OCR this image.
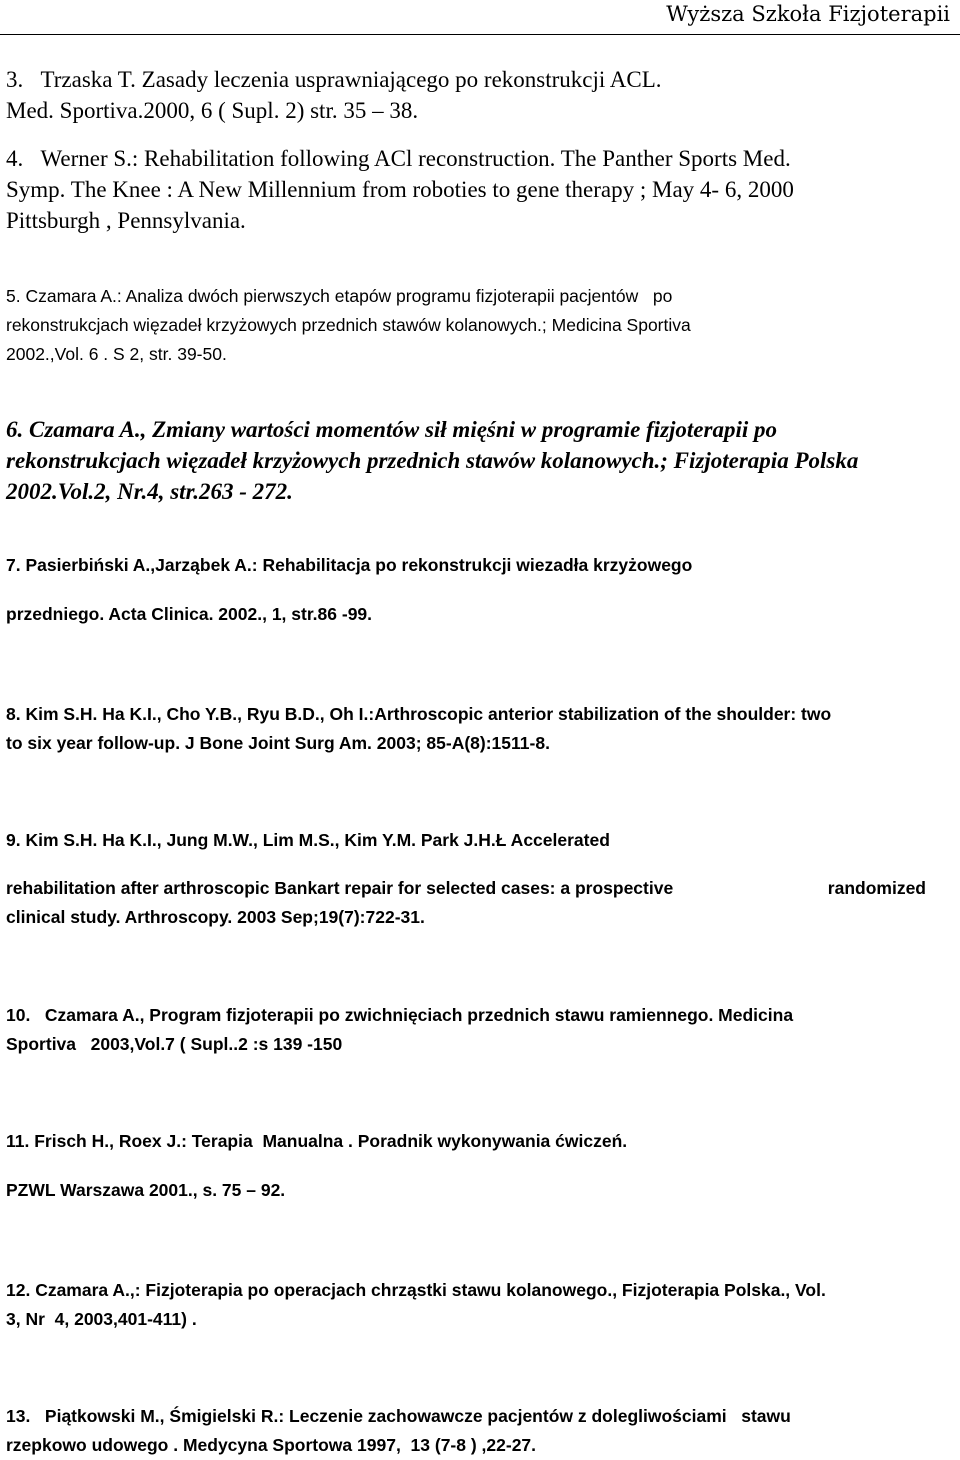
Wyższa Szkoła Fizjoterapii
3.   Trzaska T. Zasady leczenia usprawniającego po rekonstrukcji ACL.
Med. Sportiva.2000, 6 ( Supl. 2) str. 35 – 38.
4.   Werner S.: Rehabilitation following ACl reconstruction. The Panther Sports Med.
Symp. The Knee : A New Millennium from roboties to gene therapy ; May 4- 6, 2000
Pittsburgh , Pennsylvania.
5. Czamara A.: Analiza dwóch pierwszych etapów programu fizjoterapii pacjentów   po
rekonstrukcjach więzadeł krzyżowych przednich stawów kolanowych.; Medicina Sportiva
2002.,Vol. 6 . S 2, str. 39-50.
6. Czamara A., Zmiany wartości momentów sił mięśni w programie fizjoterapii po
rekonstrukcjach więzadeł krzyżowych przednich stawów kolanowych.; Fizjoterapia Polska
2002.Vol.2, Nr.4, str.263 - 272.
7. Pasierbiński A.,Jarząbek A.: Rehabilitacja po rekonstrukcji wiezadła krzyżowego
przedniego. Acta Clinica. 2002., 1, str.86 -99.
8. Kim S.H. Ha K.I., Cho Y.B., Ryu B.D., Oh I.:Arthroscopic anterior stabilization of the shoulder: two
to six year follow-up. J Bone Joint Surg Am. 2003; 85-A(8):1511-8.
9. Kim S.H. Ha K.I., Jung M.W., Lim M.S., Kim Y.M. Park J.H.Ł Accelerated
rehabilitation after arthroscopic Bankart repair for selected cases: a prospective	randomized
clinical study. Arthroscopy. 2003 Sep;19(7):722-31.
10.   Czamara A., Program fizjoterapii po zwichnięciach przednich stawu ramiennego. Medicina
Sportiva   2003,Vol.7 ( Supl..2 :s 139 -150
11. Frisch H., Roex J.: Terapia  Manualna . Poradnik wykonywania ćwiczeń.
PZWL Warszawa 2001., s. 75 – 92.
12. Czamara A.,: Fizjoterapia po operacjach chrząstki stawu kolanowego., Fizjoterapia Polska., Vol.
3, Nr  4, 2003,401-411) .
13.   Piątkowski M., Śmigielski R.: Leczenie zachowawcze pacjentów z dolegliwościami   stawu
rzepkowo udowego . Medycyna Sportowa 1997,  13 (7-8 ) ,22-27.
